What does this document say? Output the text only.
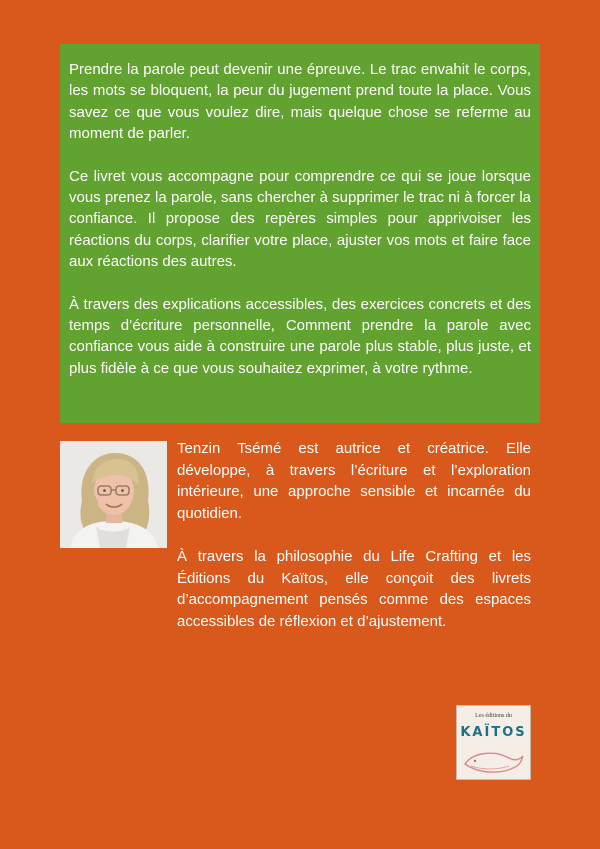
Prendre la parole peut devenir une épreuve. Le trac envahit le corps, les mots se bloquent, la peur du jugement prend toute la place. Vous savez ce que vous voulez dire, mais quelque chose se referme au moment de parler.

Ce livret vous accompagne pour comprendre ce qui se joue lorsque vous prenez la parole, sans chercher à supprimer le trac ni à forcer la confiance. Il propose des repères simples pour apprivoiser les réactions du corps, clarifier votre place, ajuster vos mots et faire face aux réactions des autres.

À travers des explications accessibles, des exercices concrets et des temps d’écriture personnelle, Comment prendre la parole avec confiance vous aide à construire une parole plus stable, plus juste, et plus fidèle à ce que vous souhaitez exprimer, à votre rythme.

Tenzin Tsémé est autrice et créatrice. Elle développe, à travers l’écriture et l’exploration intérieure, une approche sensible et incarnée du quotidien.

À travers la philosophie du Life Crafting et les Éditions du Kaïtos, elle conçoit des livrets d’accompagnement pensés comme des espaces accessibles de réflexion et d’ajustement.

Les éditions du
KAÏTOS
